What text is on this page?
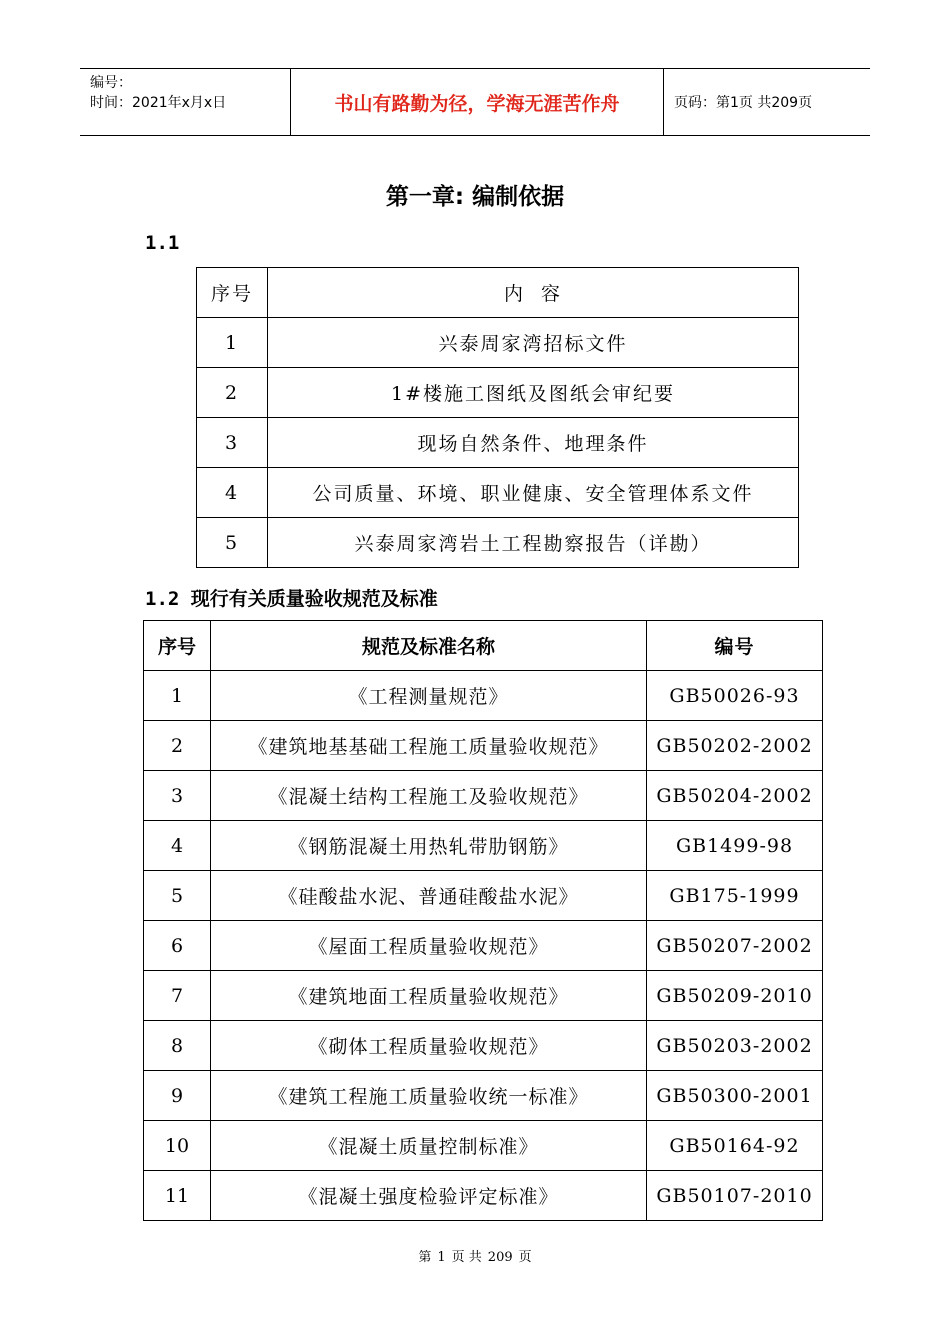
编号：
时间：2021年x月x日	书山有路勤为径，学海无涯苦作舟	页码：第1页 共209页
第一章: 编制依据
1.1
序号	内  容
1	兴泰周家湾招标文件
2	1#楼施工图纸及图纸会审纪要
3	现场自然条件、地理条件
4	公司质量、环境、职业健康、安全管理体系文件
5	兴泰周家湾岩土工程勘察报告（详勘）
1.2 现行有关质量验收规范及标准
序号	规范及标准名称	编号
1	《工程测量规范》	GB50026-93
2	《建筑地基基础工程施工质量验收规范》	GB50202-2002
3	《混凝土结构工程施工及验收规范》	GB50204-2002
4	《钢筋混凝土用热轧带肋钢筋》	GB1499-98
5	《硅酸盐水泥、普通硅酸盐水泥》	GB175-1999
6	《屋面工程质量验收规范》	GB50207-2002
7	《建筑地面工程质量验收规范》	GB50209-2010
8	《砌体工程质量验收规范》	GB50203-2002
9	《建筑工程施工质量验收统一标准》	GB50300-2001
10	《混凝土质量控制标准》	GB50164-92
11	《混凝土强度检验评定标准》	GB50107-2010
第 1 页 共 209 页
